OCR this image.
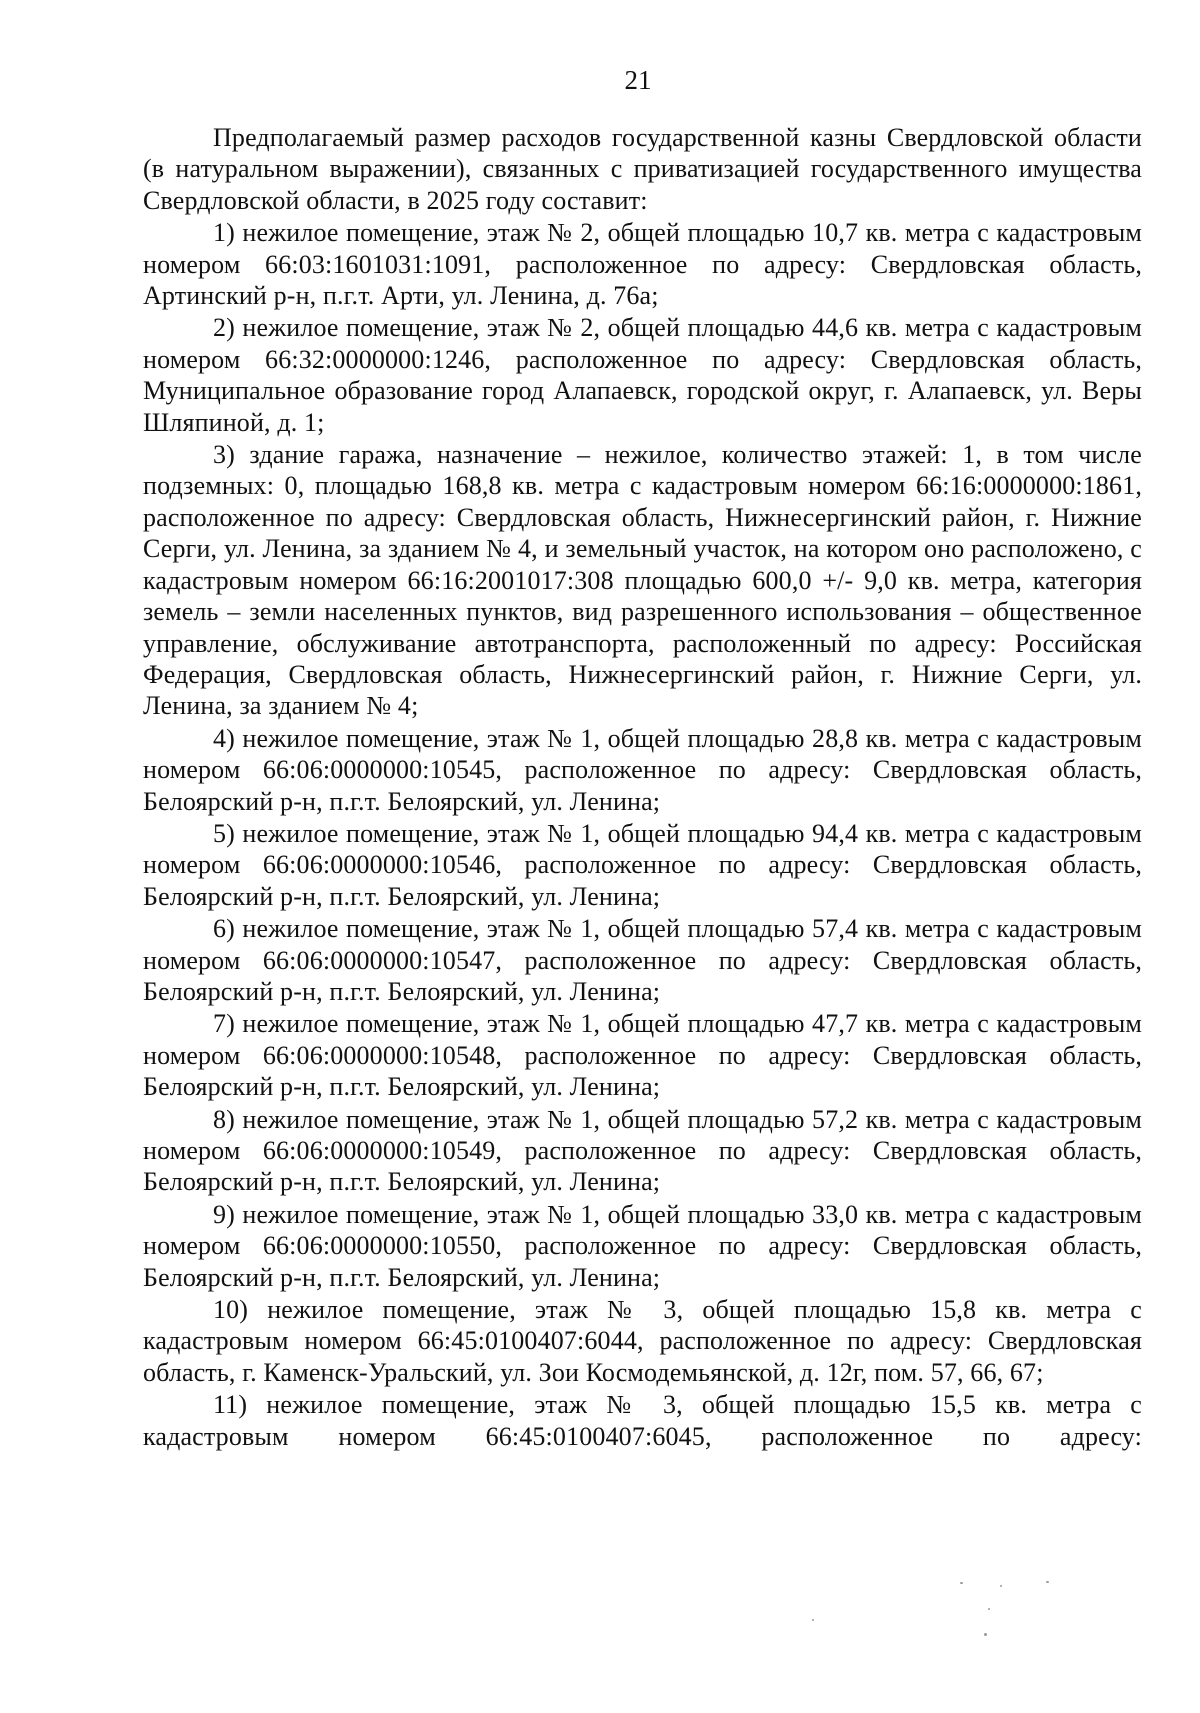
21

Предполагаемый размер расходов государственной казны Свердловской области (в натуральном выражении), связанных с приватизацией государственного имущества Свердловской области, в 2025 году составит:

1) нежилое помещение, этаж № 2, общей площадью 10,7 кв. метра с кадастровым номером 66:03:1601031:1091, расположенное по адресу: Свердловская область, Артинский р-н, п.г.т. Арти, ул. Ленина, д. 76а;

2) нежилое помещение, этаж № 2, общей площадью 44,6 кв. метра с кадастровым номером 66:32:0000000:1246, расположенное по адресу: Свердловская область, Муниципальное образование город Алапаевск, городской округ, г. Алапаевск, ул. Веры Шляпиной, д. 1;

3) здание гаража, назначение – нежилое, количество этажей: 1, в том числе подземных: 0, площадью 168,8 кв. метра с кадастровым номером 66:16:0000000:1861, расположенное по адресу: Свердловская область, Нижнесергинский район, г. Нижние Серги, ул. Ленина, за зданием № 4, и земельный участок, на котором оно расположено, с кадастровым номером 66:16:2001017:308 площадью 600,0 +/- 9,0 кв. метра, категория земель – земли населенных пунктов, вид разрешенного использования – общественное управление, обслуживание автотранспорта, расположенный по адресу: Российская Федерация, Свердловская область, Нижнесергинский район, г. Нижние Серги, ул. Ленина, за зданием № 4;

4) нежилое помещение, этаж № 1, общей площадью 28,8 кв. метра с кадастровым номером 66:06:0000000:10545, расположенное по адресу: Свердловская область, Белоярский р-н, п.г.т. Белоярский, ул. Ленина;

5) нежилое помещение, этаж № 1, общей площадью 94,4 кв. метра с кадастровым номером 66:06:0000000:10546, расположенное по адресу: Свердловская область, Белоярский р-н, п.г.т. Белоярский, ул. Ленина;

6) нежилое помещение, этаж № 1, общей площадью 57,4 кв. метра с кадастровым номером 66:06:0000000:10547, расположенное по адресу: Свердловская область, Белоярский р-н, п.г.т. Белоярский, ул. Ленина;

7) нежилое помещение, этаж № 1, общей площадью 47,7 кв. метра с кадастровым номером 66:06:0000000:10548, расположенное по адресу: Свердловская область, Белоярский р-н, п.г.т. Белоярский, ул. Ленина;

8) нежилое помещение, этаж № 1, общей площадью 57,2 кв. метра с кадастровым номером 66:06:0000000:10549, расположенное по адресу: Свердловская область, Белоярский р-н, п.г.т. Белоярский, ул. Ленина;

9) нежилое помещение, этаж № 1, общей площадью 33,0 кв. метра с кадастровым номером 66:06:0000000:10550, расположенное по адресу: Свердловская область, Белоярский р-н, п.г.т. Белоярский, ул. Ленина;

10) нежилое помещение, этаж № 3, общей площадью 15,8 кв. метра с кадастровым номером 66:45:0100407:6044, расположенное по адресу: Свердловская область, г. Каменск-Уральский, ул. Зои Космодемьянской, д. 12г, пом. 57, 66, 67;

11) нежилое помещение, этаж № 3, общей площадью 15,5 кв. метра с кадастровым номером 66:45:0100407:6045, расположенное по адресу:
